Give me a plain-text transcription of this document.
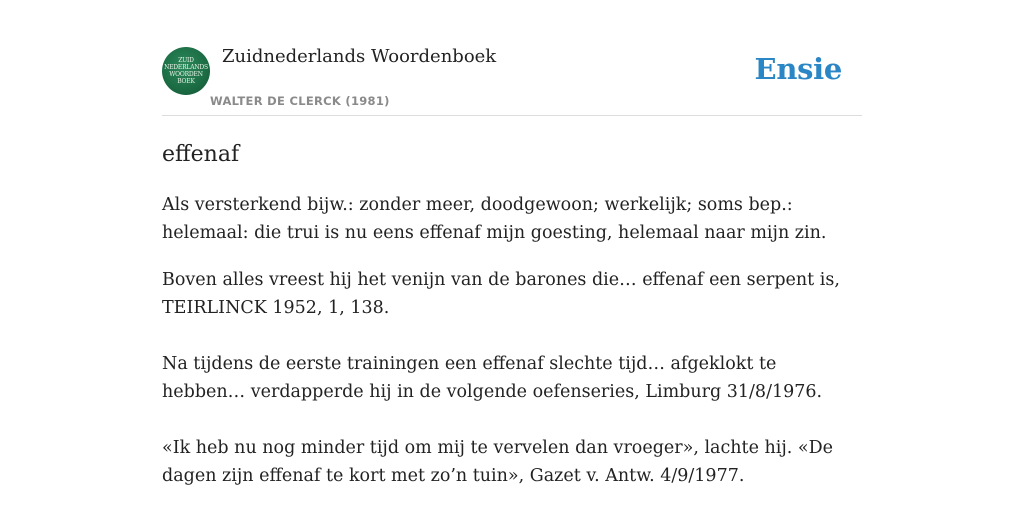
ZUID
NEDERLANDS
WOORDEN
BOEK
Zuidnederlands Woordenboek
WALTER DE CLERCK (1981)
Ensie
effenaf

Als versterkend bijw.: zonder meer, doodgewoon; werkelijk; soms bep.: helemaal: die trui is nu eens effenaf mijn goesting, helemaal naar mijn zin.

Boven alles vreest hij het venijn van de barones die… effenaf een serpent is, TEIRLINCK 1952, 1, 138.

Na tijdens de eerste trainingen een effenaf slechte tijd… afgeklokt te hebben… verdapperde hij in de volgende oefenseries, Limburg 31/8/1976.

«Ik heb nu nog minder tijd om mij te vervelen dan vroeger», lachte hij. «De dagen zijn effenaf te kort met zo’n tuin», Gazet v. Antw. 4/9/1977.
